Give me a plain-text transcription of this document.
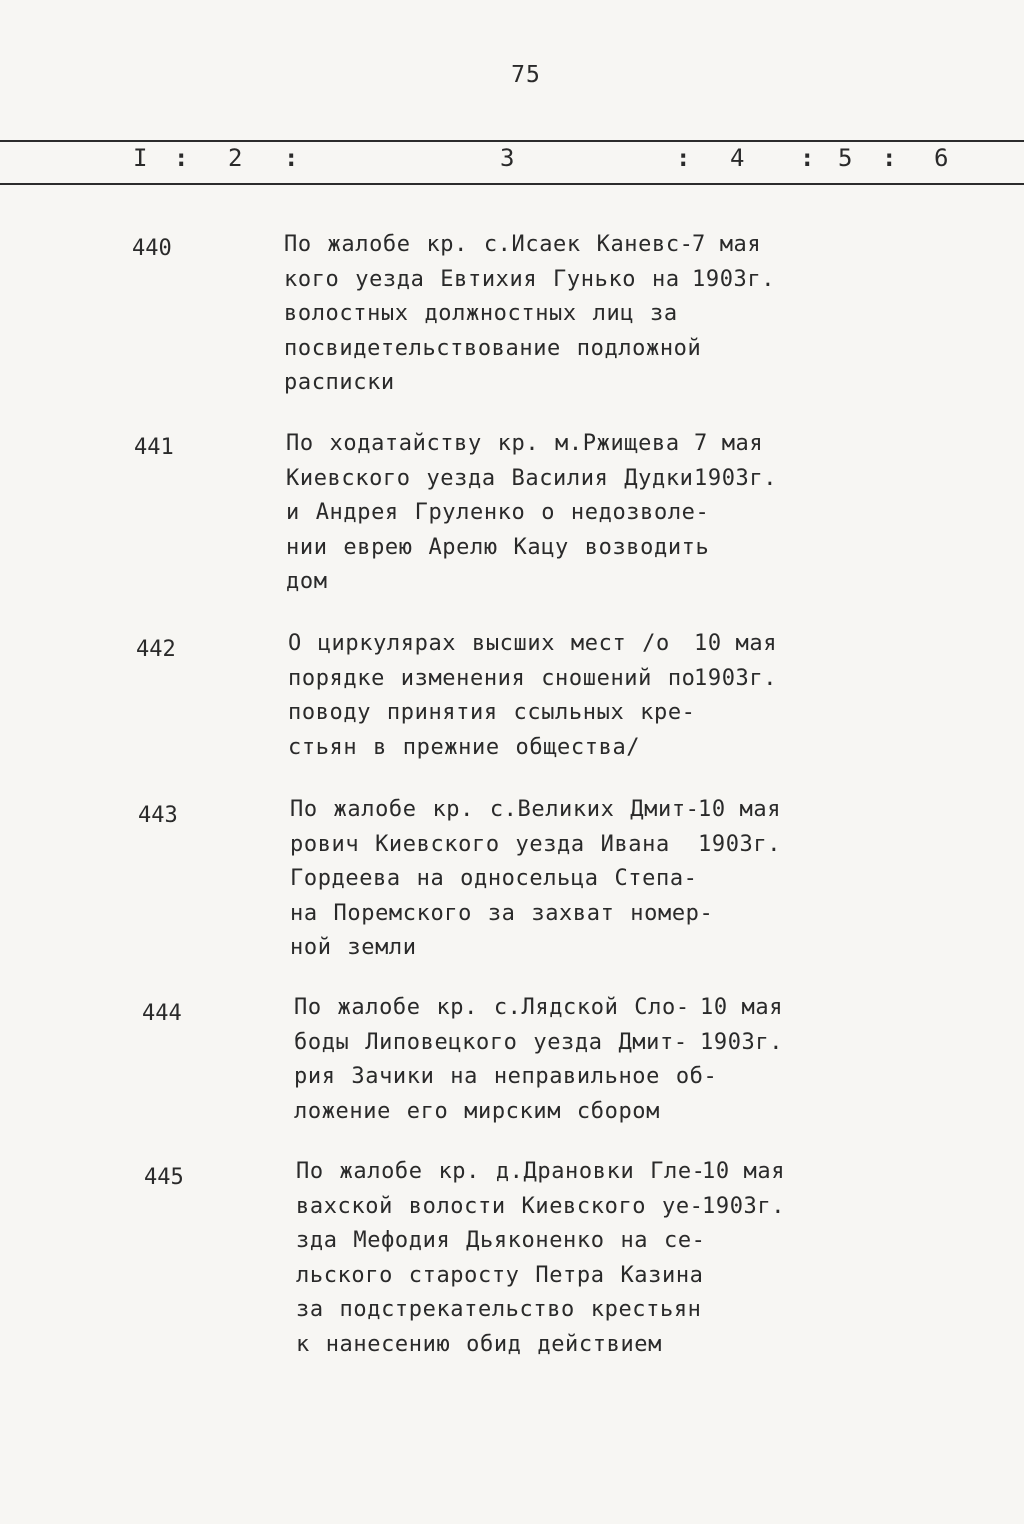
75
I : 2 :	3	: 4 : 5 : 6
440	По жалобе кр. с.Исаек Каневс-
кого уезда Евтихия Гунько на
волостных должностных лиц за
посвидетельствование подложной
расписки
7 мая
1903г.
441	По ходатайству кр. м.Ржищева
Киевского уезда Василия Дудки
и Андрея Груленко о недозволе-
нии еврею Арелю Кацу возводить
дом
7 мая
1903г.
442	О циркулярах высших мест /о
порядке изменения сношений по
поводу принятия ссыльных кре-
стьян в прежние общества/
10 мая
1903г.
443	По жалобе кр. с.Великих Дмит-
рович Киевского уезда Ивана
Гордеева на односельца Степа-
на Поремского за захват номер-
ной земли
10 мая
1903г.
444	По жалобе кр. с.Лядской Сло-
боды Липовецкого уезда Дмит-
рия Зачики на неправильное об-
ложение его мирским сбором
10 мая
1903г.
445	По жалобе кр. д.Драновки Гле-
вахской волости Киевского уе-
зда Мефодия Дьяконенко на се-
льского старосту Петра Казина
за подстрекательство крестьян
к нанесению обид действием
10 мая
1903г.
